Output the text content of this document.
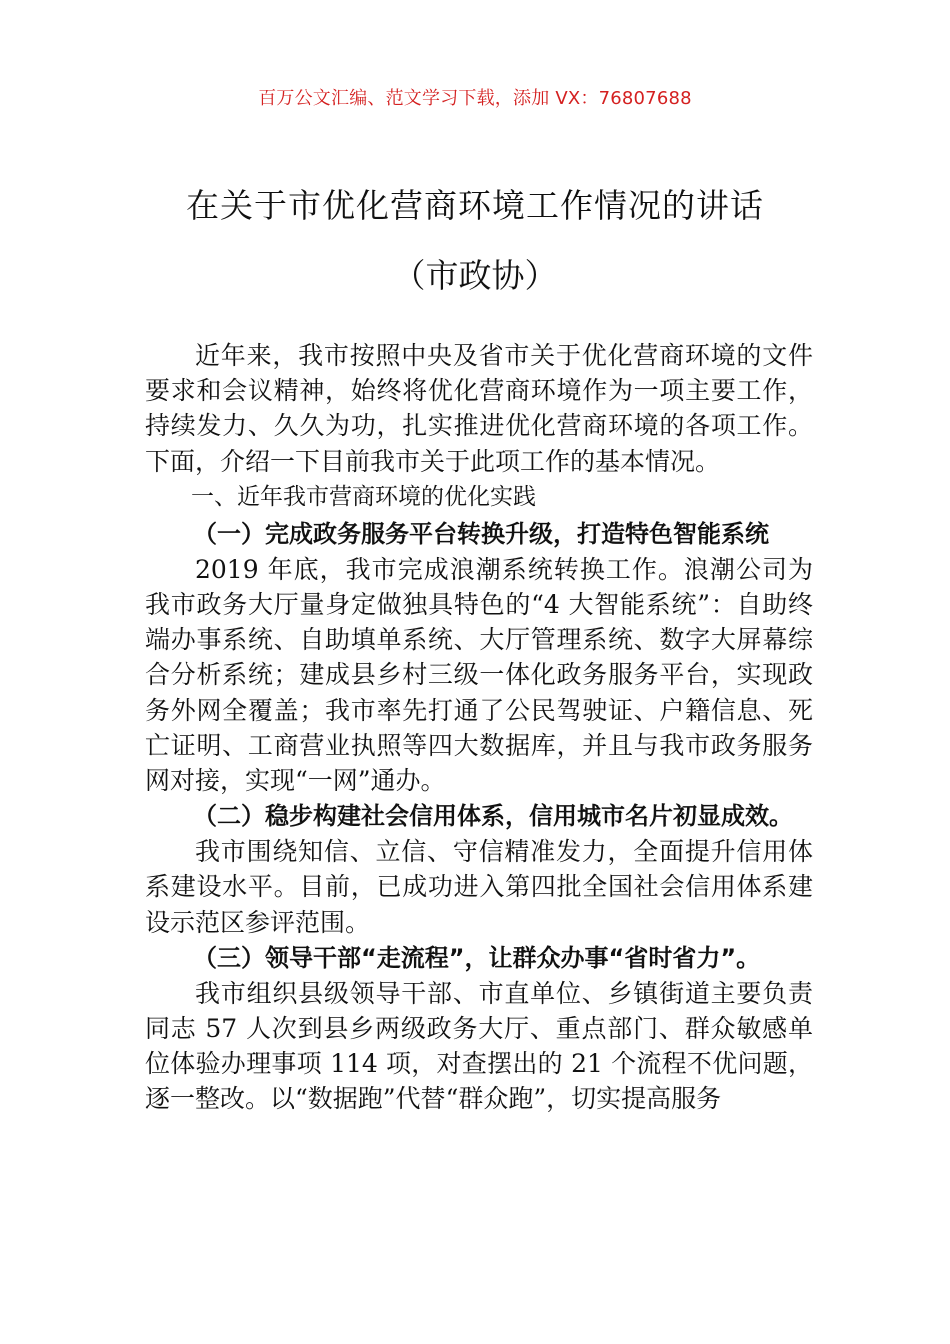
百万公文汇编、范文学习下载，添加 VX：76807688
在关于市优化营商环境工作情况的讲话
（市政协）

近年来，我市按照中央及省市关于优化营商环境的文件要求和会议精神，始终将优化营商环境作为一项主要工作，持续发力、久久为功，扎实推进优化营商环境的各项工作。下面，介绍一下目前我市关于此项工作的基本情况。

一、近年我市营商环境的优化实践

（一）完成政务服务平台转换升级，打造特色智能系统

2019 年底，我市完成浪潮系统转换工作。浪潮公司为我市政务大厅量身定做独具特色的“4 大智能系统”：自助终端办事系统、自助填单系统、大厅管理系统、数字大屏幕综合分析系统；建成县乡村三级一体化政务服务平台，实现政务外网全覆盖；我市率先打通了公民驾驶证、户籍信息、死亡证明、工商营业执照等四大数据库，并且与我市政务服务网对接，实现“一网”通办。

（二）稳步构建社会信用体系，信用城市名片初显成效。

我市围绕知信、立信、守信精准发力，全面提升信用体系建设水平。目前，已成功进入第四批全国社会信用体系建设示范区参评范围。

（三）领导干部“走流程”，让群众办事“省时省力”。

我市组织县级领导干部、市直单位、乡镇街道主要负责同志 57 人次到县乡两级政务大厅、重点部门、群众敏感单位体验办理事项 114 项，对查摆出的 21 个流程不优问题，逐一整改。以“数据跑”代替“群众跑”，切实提高服务
